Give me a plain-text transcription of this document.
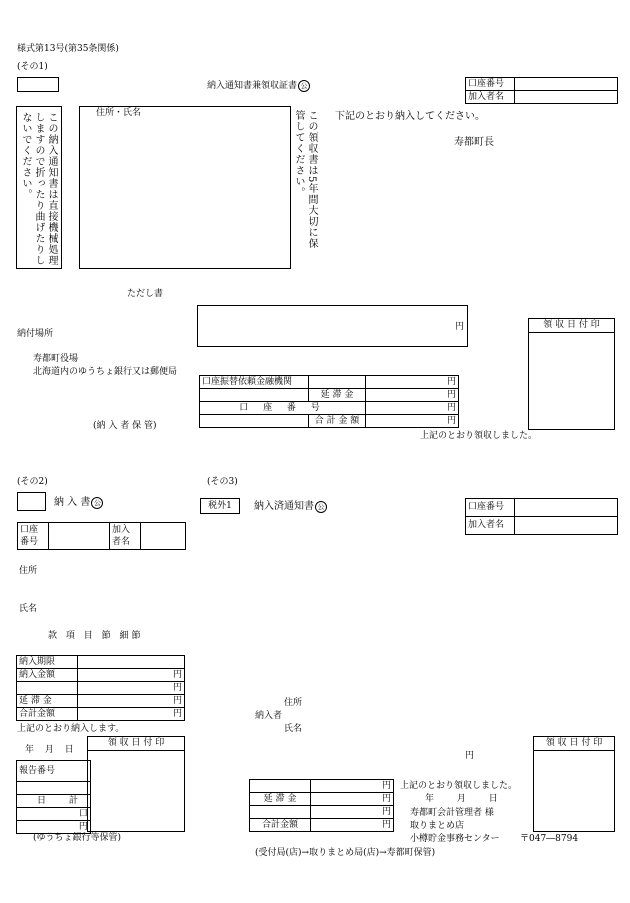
様式第13号(第35条関係)
(その1)
納入通知書兼領収証書 公	口座番号	
加入者名	
この納入通知書は直接機械処理しますので折ったり曲げたりしないでください。	住所・氏名	この領収書は5年間大切に保管してください。	下記のとおり納入してください。
寿都町長
ただし書
円
納付場所
寿都町役場
北海道内のゆうちょ銀行又は郵便局
領 収 日 付 印
口座振替依頼金融機関		円
	延 滞 金	円
口 座 番 号		円
	合 計 金 額	円
(納 入 者 保 管)
上記のとおり領収しました。
(その2)
納 入 書 公
口座番号		加入者名	
住所
氏名
款 項 目 節 細節
納入期限	
納入金額	円
	円
延 滞 金	円
合計金額	円
上記のとおり納入します。
年 月 日
領 収 日 付 印
報告番号

日 計
口
円
(ゆうちょ銀行等保管)
(その3)
税外1	納入済通知書 公	口座番号	
加入者名	
住所
納入者
氏名
円
	円
延 滞 金	円
	円
合計金額	円
上記のとおり領収しました。
年 月 日
寿都町会計管理者 様
取りまとめ店
小樽貯金事務センター 〒047―8794
領 収 日 付 印
(受付局(店)→取りまとめ局(店)→寿都町保管)
